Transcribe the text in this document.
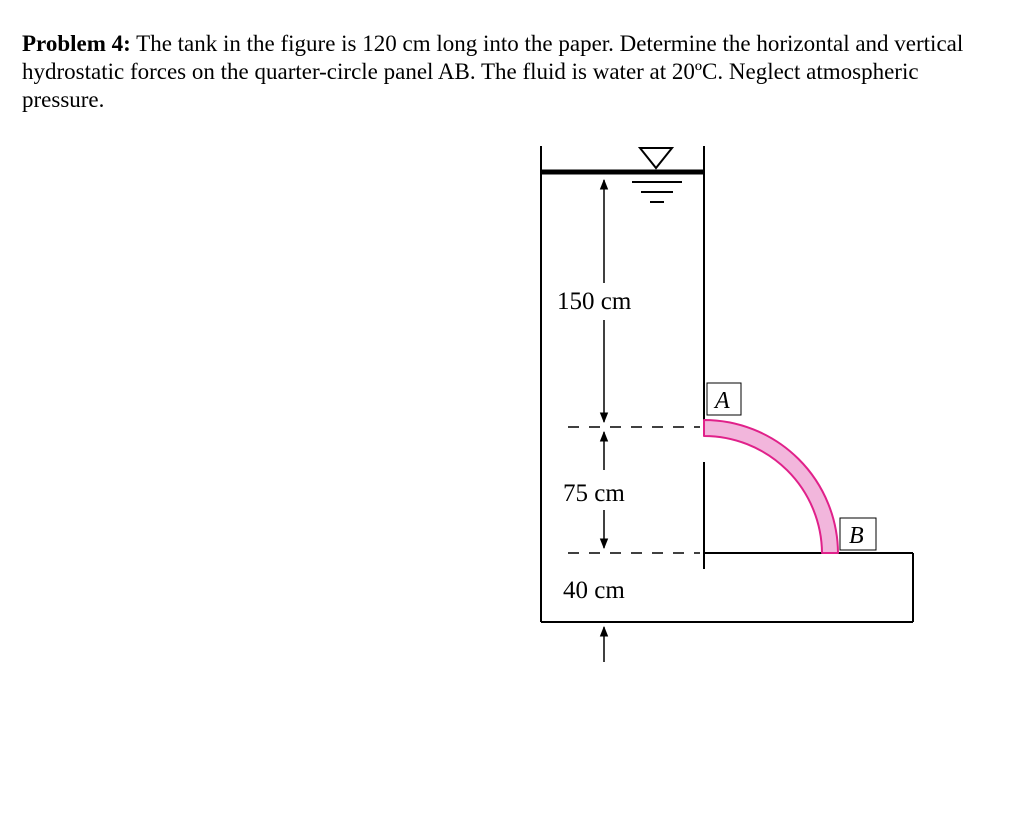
Problem 4: The tank in the figure is 120 cm long into the paper. Determine the horizontal and vertical hydrostatic forces on the quarter-circle panel AB. The fluid is water at 20ºC. Neglect atmospheric pressure.

150 cm
75 cm
40 cm
A
B
